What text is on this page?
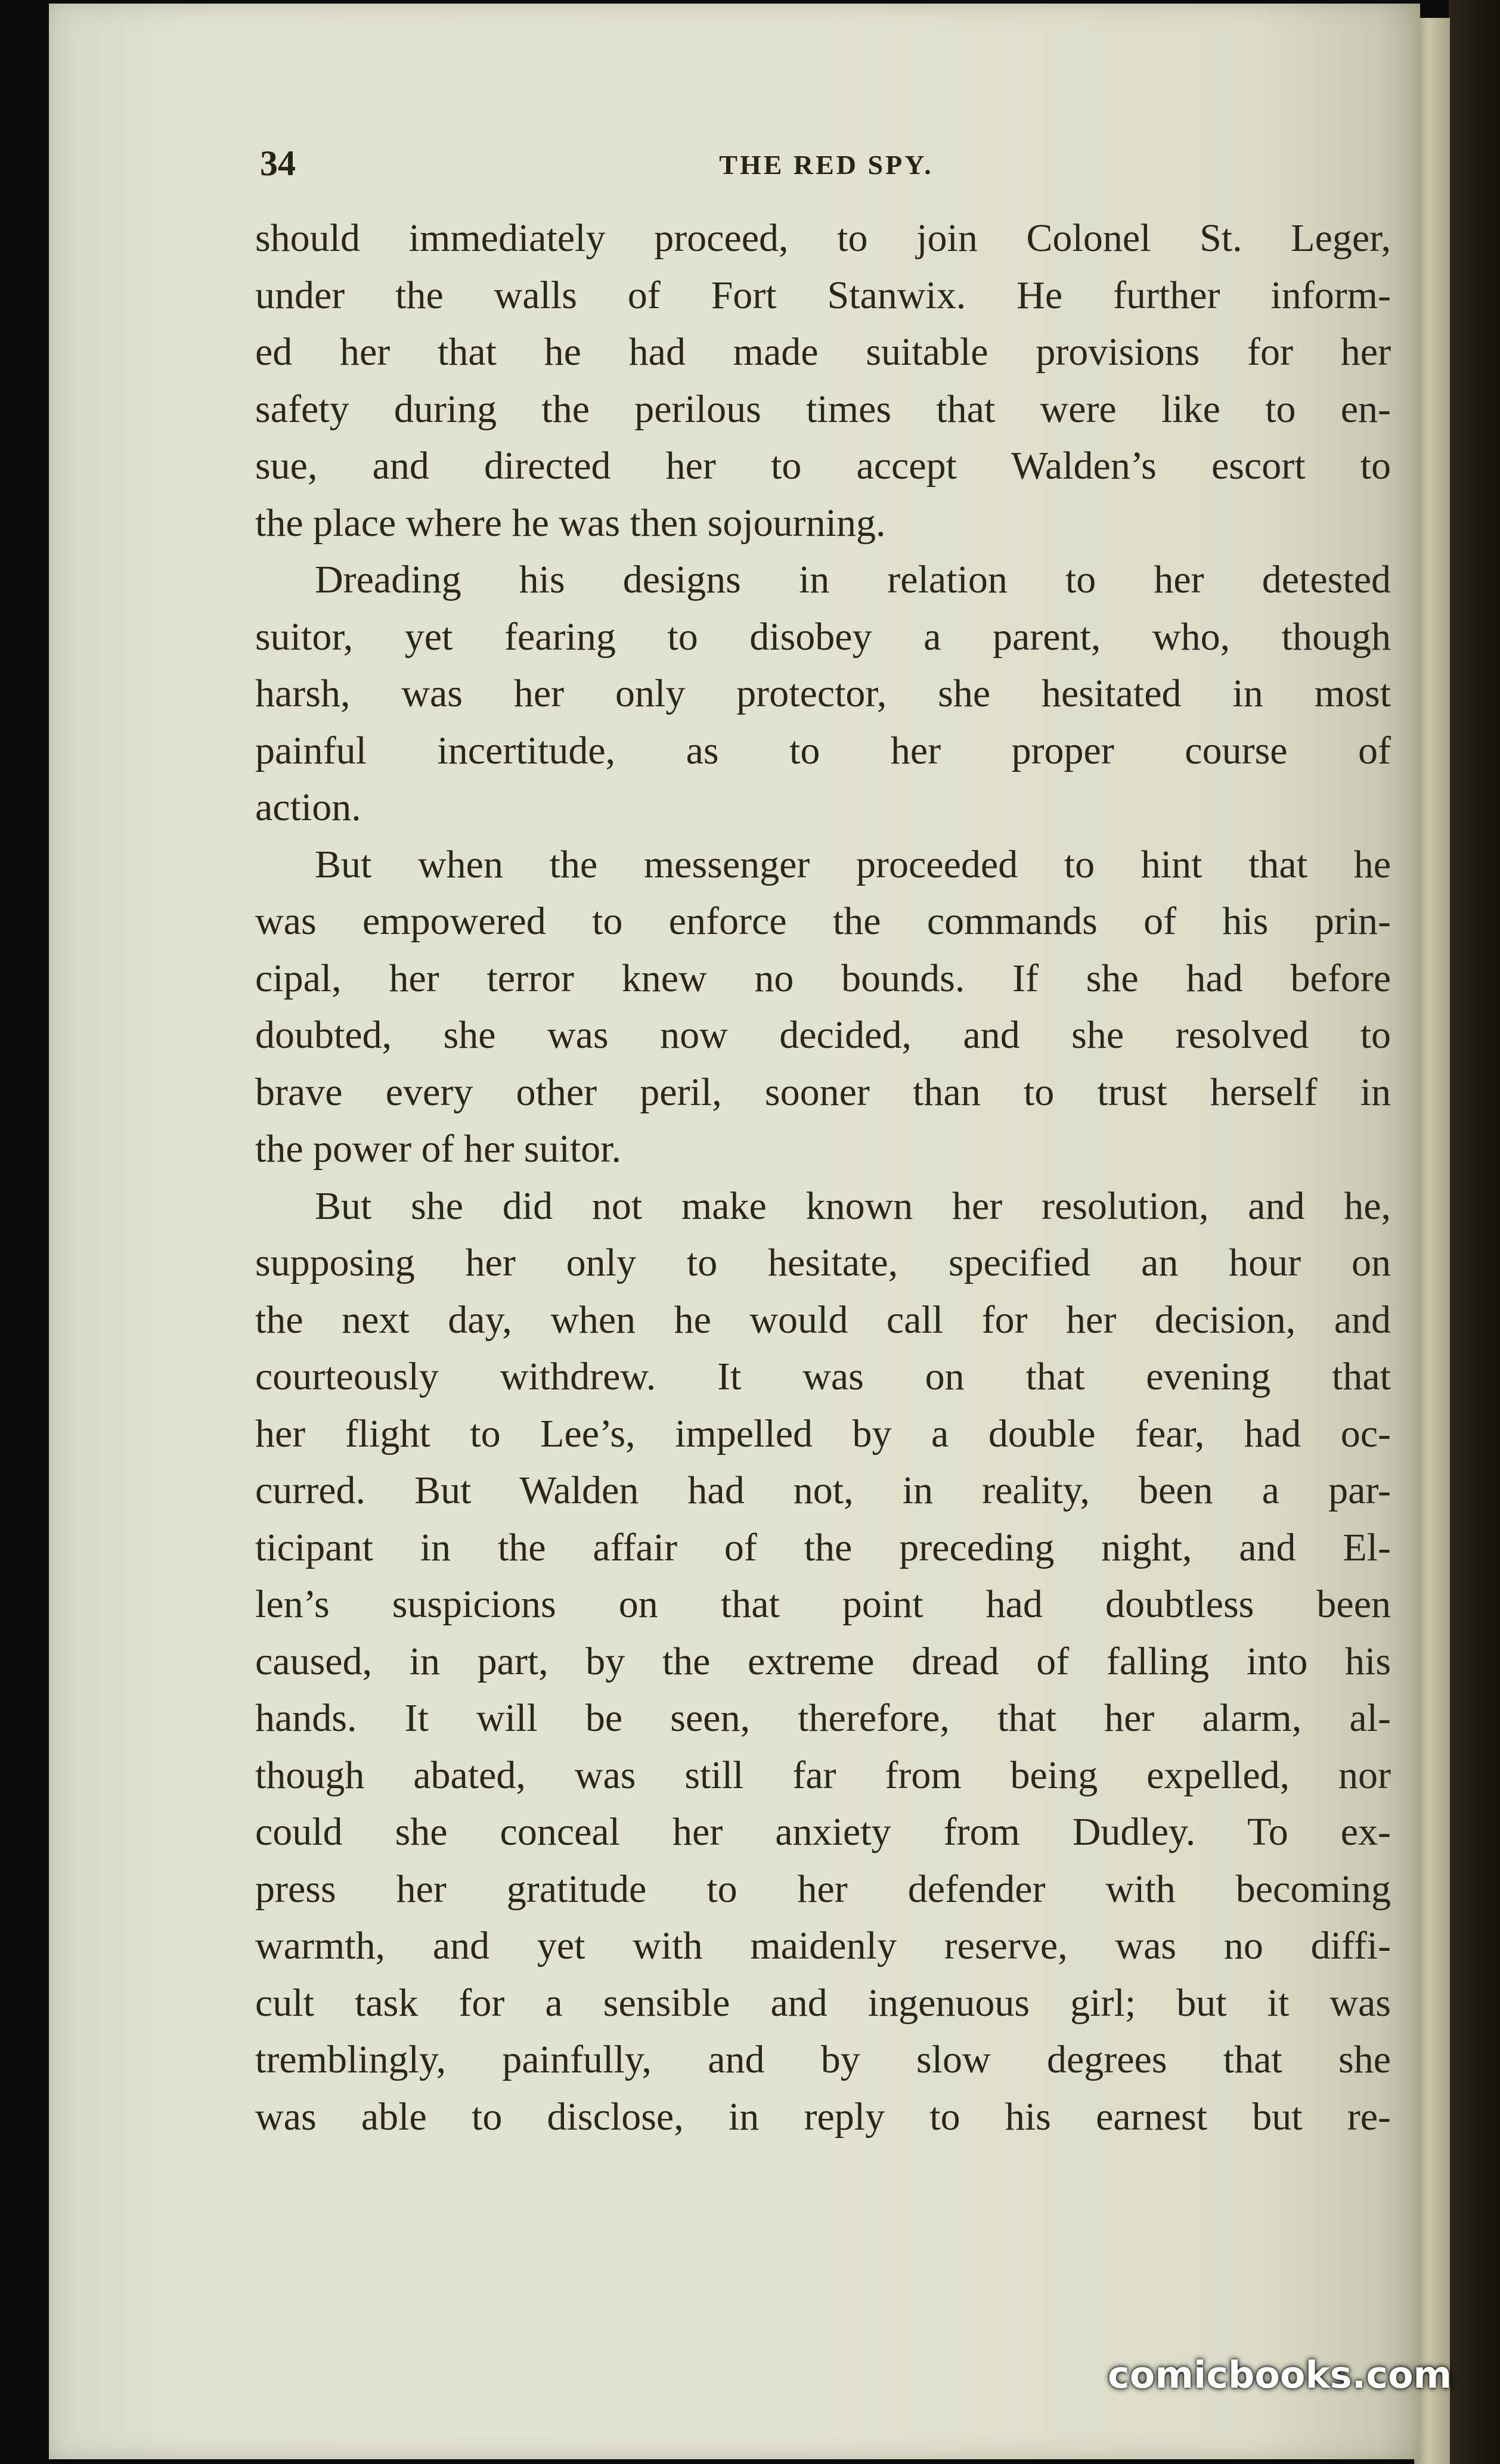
34	THE RED SPY.
should immediately proceed, to join Colonel St. Leger,
under the walls of Fort Stanwix. He further inform-
ed her that he had made suitable provisions for her
safety during the perilous times that were like to en-
sue, and directed her to accept Walden’s escort to
the place where he was then sojourning.
Dreading his designs in relation to her detested
suitor, yet fearing to disobey a parent, who, though
harsh, was her only protector, she hesitated in most
painful incertitude, as to her proper course of
action.
But when the messenger proceeded to hint that he
was empowered to enforce the commands of his prin-
cipal, her terror knew no bounds. If she had before
doubted, she was now decided, and she resolved to
brave every other peril, sooner than to trust herself in
the power of her suitor.
But she did not make known her resolution, and he,
supposing her only to hesitate, specified an hour on
the next day, when he would call for her decision, and
courteously withdrew. It was on that evening that
her flight to Lee’s, impelled by a double fear, had oc-
curred. But Walden had not, in reality, been a par-
ticipant in the affair of the preceding night, and El-
len’s suspicions on that point had doubtless been
caused, in part, by the extreme dread of falling into his
hands. It will be seen, therefore, that her alarm, al-
though abated, was still far from being expelled, nor
could she conceal her anxiety from Dudley. To ex-
press her gratitude to her defender with becoming
warmth, and yet with maidenly reserve, was no diffi-
cult task for a sensible and ingenuous girl; but it was
tremblingly, painfully, and by slow degrees that she
was able to disclose, in reply to his earnest but re-
comicbooks.com
